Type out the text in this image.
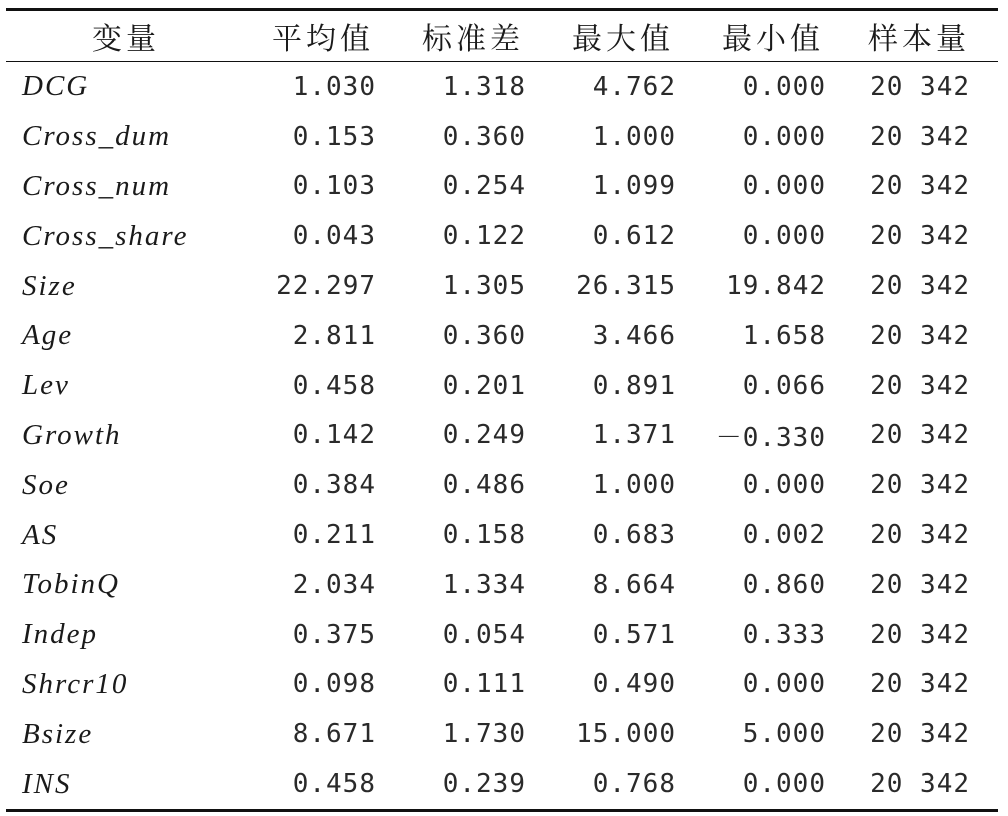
变量	平均值	标准差	最大值	最小值	样本量
DCG	1.030	1.318	4.762	0.000	20 342
Cross_dum	0.153	0.360	1.000	0.000	20 342
Cross_num	0.103	0.254	1.099	0.000	20 342
Cross_share	0.043	0.122	0.612	0.000	20 342
Size	22.297	1.305	26.315	19.842	20 342
Age	2.811	0.360	3.466	1.658	20 342
Lev	0.458	0.201	0.891	0.066	20 342
Growth	0.142	0.249	1.371	－0.330	20 342
Soe	0.384	0.486	1.000	0.000	20 342
AS	0.211	0.158	0.683	0.002	20 342
TobinQ	2.034	1.334	8.664	0.860	20 342
Indep	0.375	0.054	0.571	0.333	20 342
Shrcr10	0.098	0.111	0.490	0.000	20 342
Bsize	8.671	1.730	15.000	5.000	20 342
INS	0.458	0.239	0.768	0.000	20 342
